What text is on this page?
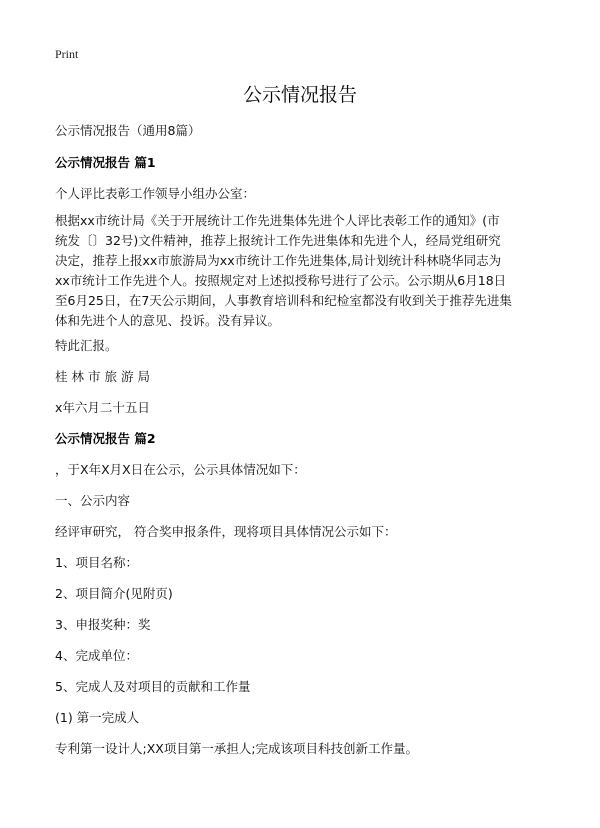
Print
公示情况报告
公示情况报告（通用8篇）
公示情况报告 篇1
个人评比表彰工作领导小组办公室：
根据xx市统计局《关于开展统计工作先进集体先进个人评比表彰工作的通知》(市
统发〔〕32号)文件精神，推荐上报统计工作先进集体和先进个人，经局党组研究
决定，推荐上报xx市旅游局为xx市统计工作先进集体,局计划统计科林晓华同志为
xx市统计工作先进个人。按照规定对上述拟授称号进行了公示。公示期从6月18日
至6月25日，在7天公示期间，人事教育培训科和纪检室都没有收到关于推荐先进集
体和先进个人的意见、投诉。没有异议。
特此汇报。
桂林市旅游局
x年六月二十五日
公示情况报告 篇2
，于X年X月X日在公示，公示具体情况如下：
一、公示内容
经评审研究， 符合奖申报条件，现将项目具体情况公示如下：
1、项目名称：
2、项目简介(见附页)
3、申报奖种：奖
4、完成单位：
5、完成人及对项目的贡献和工作量
(1) 第一完成人
专利第一设计人;XX项目第一承担人;完成该项目科技创新工作量。
